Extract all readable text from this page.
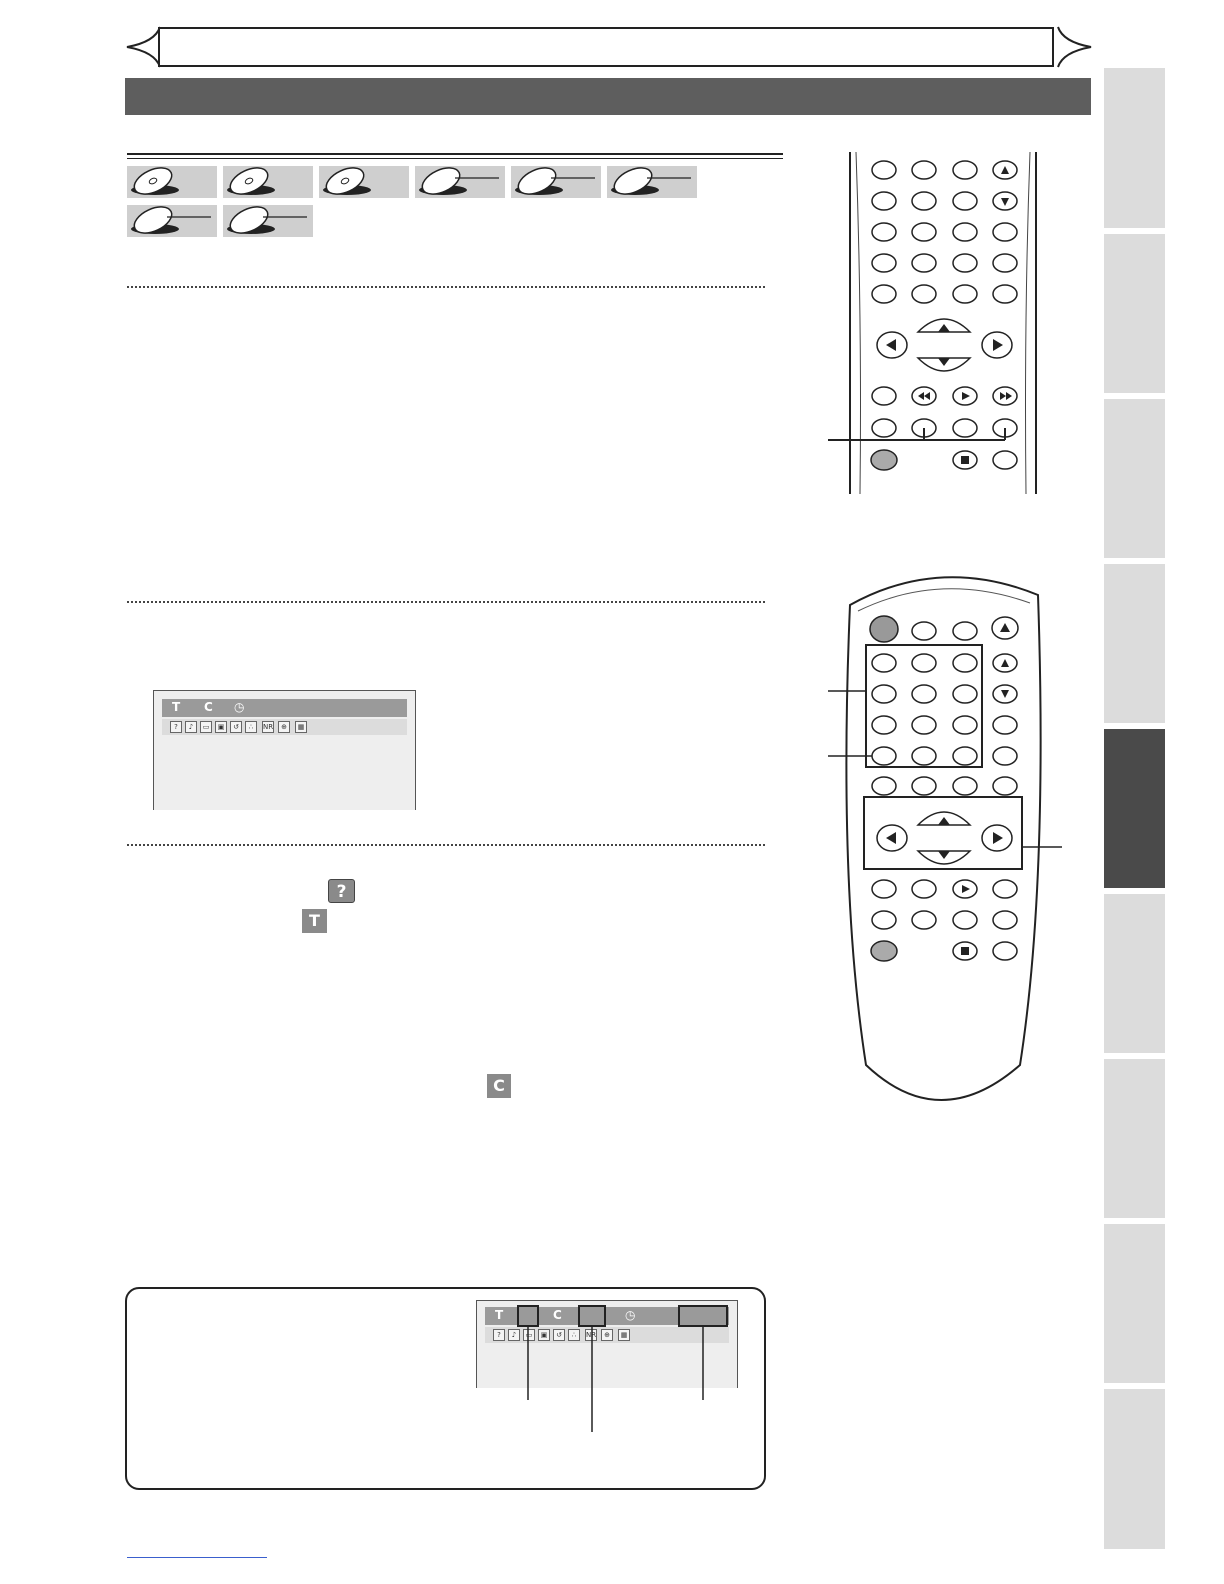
T C ◷
?	♪	▭	▣	↺	∴	NR	⊕	▦
?
T
C
T	C	◷
?	♪	▭	▣	↺	∴	NR	⊕	▦
